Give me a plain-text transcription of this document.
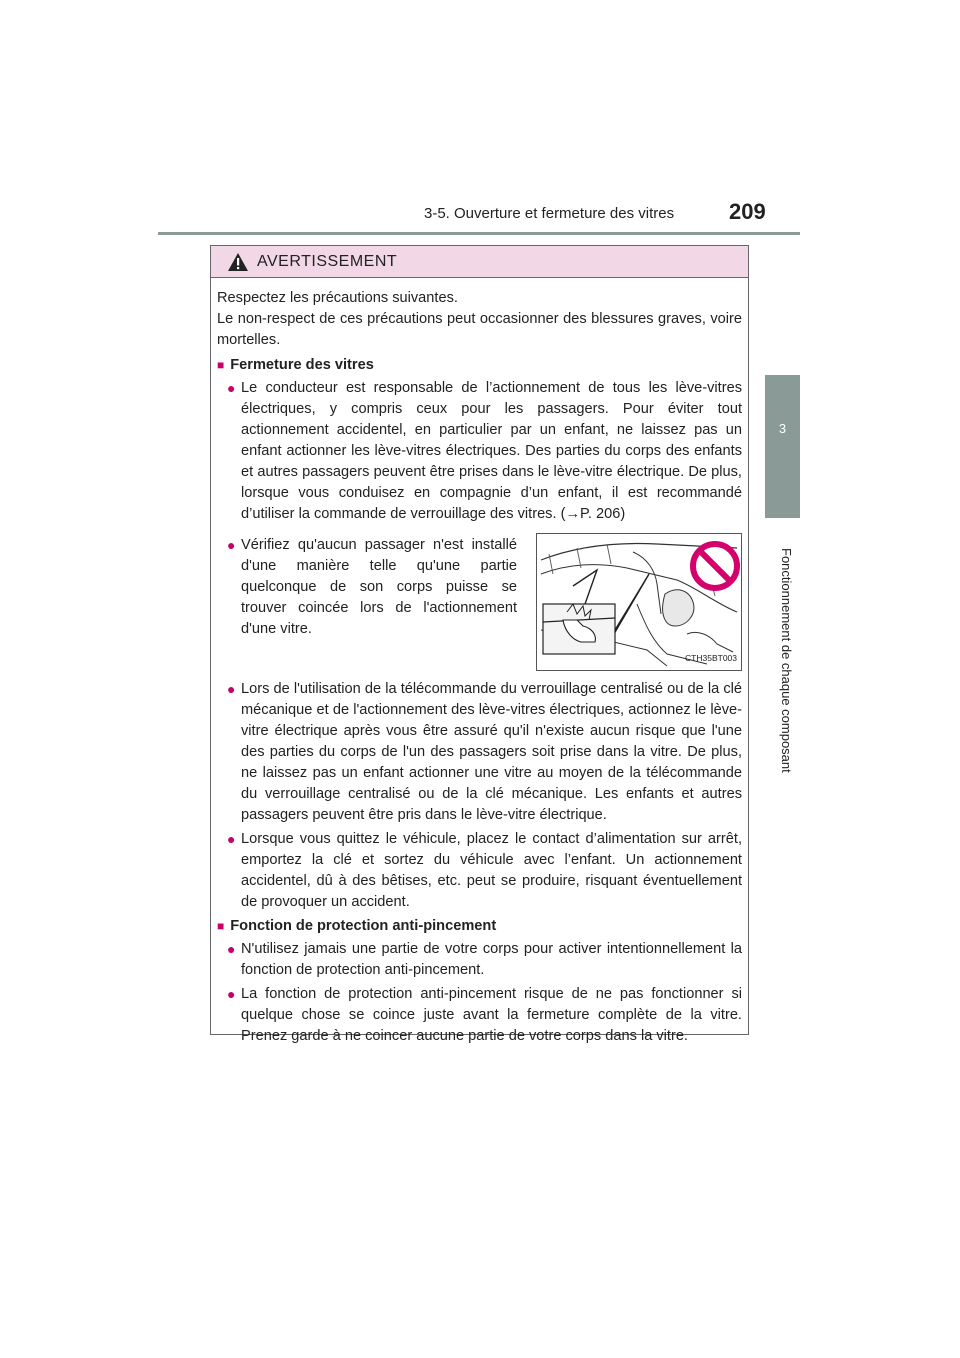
3-5. Ouverture et fermeture des vitres 209
3
Fonctionnement de chaque composant
AVERTISSEMENT

Respectez les précautions suivantes.
Le non-respect de ces précautions peut occasionner des blessures graves, voire mortelles.

■ Fermeture des vitres
● Le conducteur est responsable de l’actionnement de tous les lève-vitres électriques, y compris ceux pour les passagers. Pour éviter tout actionnement accidentel, en particulier par un enfant, ne laissez pas un enfant actionner les lève-vitres électriques. Des parties du corps des enfants et autres passagers peuvent être prises dans le lève-vitre électrique. De plus, lorsque vous conduisez en compagnie d’un enfant, il est recommandé d’utiliser la commande de verrouillage des vitres. (→P. 206)
● Vérifiez qu'aucun passager n'est installé d'une manière telle qu'une partie quelconque de son corps puisse se trouver coincée lors de l'actionnement d'une vitre.
CTH35BT003
● Lors de l'utilisation de la télécommande du verrouillage centralisé ou de la clé mécanique et de l'actionnement des lève-vitres électriques, actionnez le lève-vitre électrique après vous être assuré qu'il n'existe aucun risque que l'une des parties du corps de l'un des passagers soit prise dans la vitre. De plus, ne laissez pas un enfant actionner une vitre au moyen de la télécommande du verrouillage centralisé ou de la clé mécanique. Les enfants et autres passagers peuvent être pris dans le lève-vitre électrique.
● Lorsque vous quittez le véhicule, placez le contact d’alimentation sur arrêt, emportez la clé et sortez du véhicule avec l’enfant. Un actionnement accidentel, dû à des bêtises, etc. peut se produire, risquant éventuellement de provoquer un accident.
■ Fonction de protection anti-pincement
● N'utilisez jamais une partie de votre corps pour activer intentionnellement la fonction de protection anti-pincement.
● La fonction de protection anti-pincement risque de ne pas fonctionner si quelque chose se coince juste avant la fermeture complète de la vitre. Prenez garde à ne coincer aucune partie de votre corps dans la vitre.
